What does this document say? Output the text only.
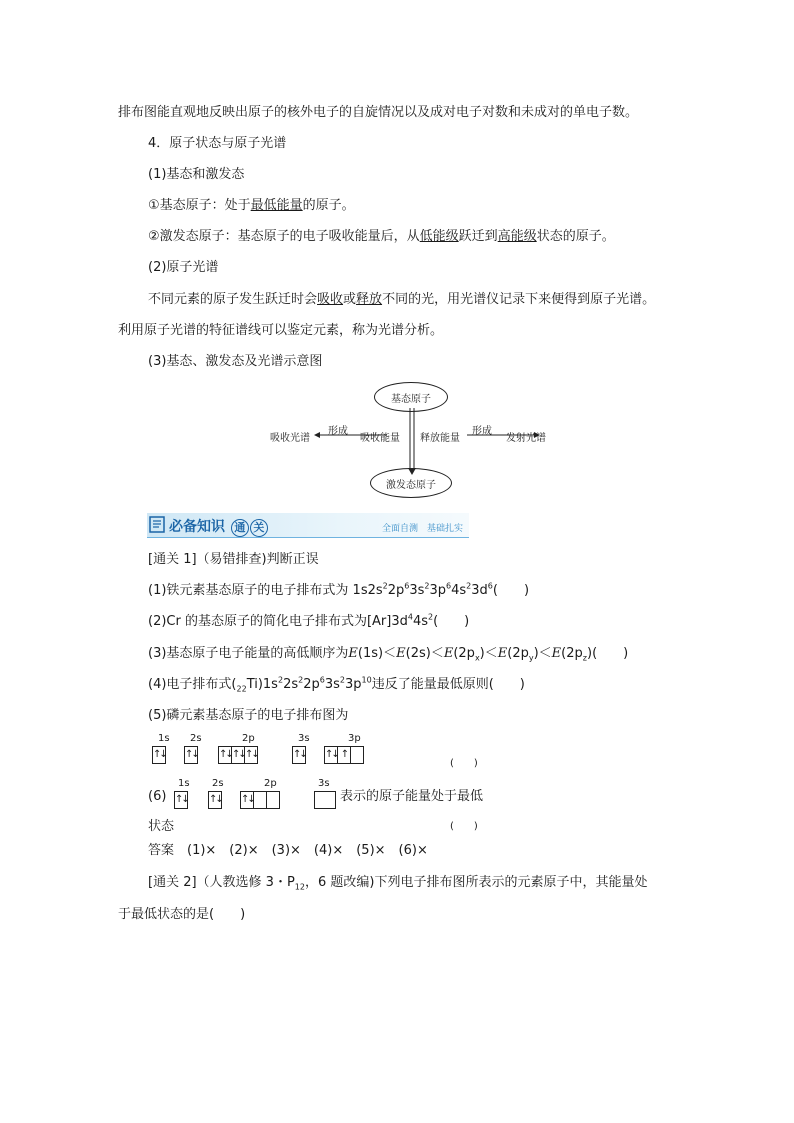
排布图能直观地反映出原子的核外电子的自旋情况以及成对电子对数和未成对的单电子数。
4．原子状态与原子光谱
(1)基态和激发态
①基态原子：处于最低能量的原子。
②激发态原子：基态原子的电子吸收能量后，从低能级跃迁到高能级状态的原子。
(2)原子光谱
不同元素的原子发生跃迁时会吸收或释放不同的光，用光谱仪记录下来便得到原子光谱。
利用原子光谱的特征谱线可以鉴定元素，称为光谱分析。
(3)基态、激发态及光谱示意图
基态原子
激发态原子
吸收光谱
形成
吸收能量 释放能量
形成
发射光谱
必备知识 通 关	全面自测　基础扎实
[通关 1]（易错排查)判断正误
(1)铁元素基态原子的电子排布式为 $1s2s^22p^63s^23p^64s^23d^6$(　　)
(2)Cr 的基态原子的简化电子排布式为$[Ar]3d^44s^2$(　　)
(3)基态原子电子能量的高低顺序为$E(1s)<E(2s)<E(2p_x)<E(2p_y)<E(2p_z)$(　　)
(4)电子排布式$(_{22}Ti)1s^22s^22p^63s^23p^{10}$违反了能量最低原则(　　)
(5)磷元素基态原子的电子排布图为
1s
↑↓
2s
↑↓
2p
↑↓ ↑↓ ↑↓
3s
↑↓
3p
↑↓ ↑
(　　)
(6)
1s
↑↓
2s
↑↓
2p
↑↓
3s
表示的原子能量处于最低
状态	(　　)
答案　(1)×　(2)×　(3)×　(4)×　(5)×　(6)×
[通关 2]（人教选修 3・$P_{12}$，6 题改编)下列电子排布图所表示的元素原子中，其能量处
于最低状态的是(　　)
